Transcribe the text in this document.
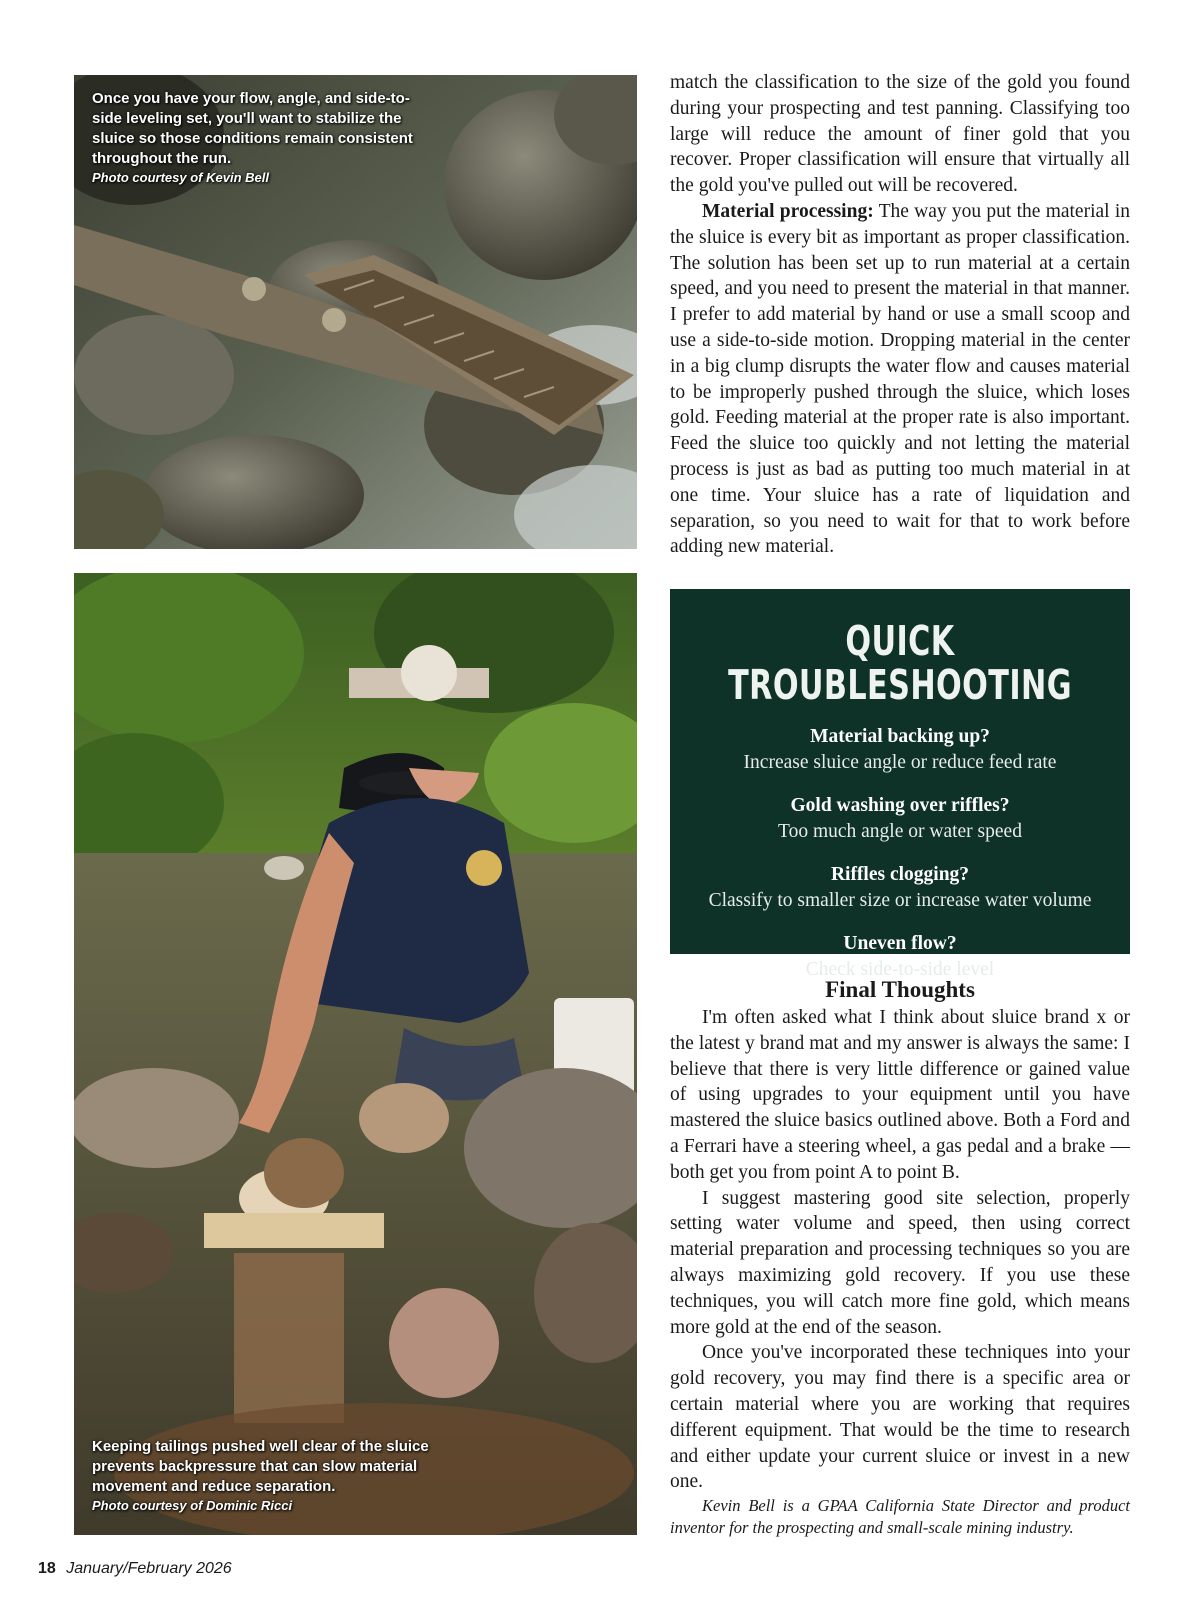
Once you have your flow, angle, and side-to-side leveling set, you'll want to stabilize the sluice so those conditions remain consistent throughout the run.
Photo courtesy of Kevin Bell
Keeping tailings pushed well clear of the sluice prevents backpressure that can slow material movement and reduce separation.
Photo courtesy of Dominic Ricci

match the classification to the size of the gold you found during your prospecting and test panning. Classifying too large will reduce the amount of finer gold that you recover. Proper classification will ensure that virtually all the gold you've pulled out will be recovered.

Material processing: The way you put the material in the sluice is every bit as important as proper classification. The solution has been set up to run material at a certain speed, and you need to present the material in that manner. I prefer to add material by hand or use a small scoop and use a side-to-side motion. Dropping material in the center in a big clump disrupts the water flow and causes material to be improperly pushed through the sluice, which loses gold. Feeding material at the proper rate is also important. Feed the sluice too quickly and not letting the material process is just as bad as putting too much material in at one time. Your sluice has a rate of liquidation and separation, so you need to wait for that to work before adding new material.

QUICK TROUBLESHOOTING
Material backing up?
Increase sluice angle or reduce feed rate
Gold washing over riffles?
Too much angle or water speed
Riffles clogging?
Classify to smaller size or increase water volume
Uneven flow?
Check side-to-side level
Final Thoughts

I'm often asked what I think about sluice brand x or the latest y brand mat and my answer is always the same: I believe that there is very little difference or gained value of using upgrades to your equipment until you have mastered the sluice basics outlined above. Both a Ford and a Ferrari have a steering wheel, a gas pedal and a brake — both get you from point A to point B.

I suggest mastering good site selection, properly setting water volume and speed, then using correct material preparation and processing techniques so you are always maximizing gold recovery. If you use these techniques, you will catch more fine gold, which means more gold at the end of the season.

Once you've incorporated these techniques into your gold recovery, you may find there is a specific area or certain material where you are working that requires different equipment. That would be the time to research and either update your current sluice or invest in a new one.

Kevin Bell is a GPAA California State Director and product inventor for the prospecting and small-scale mining industry.
18 January/February 2026
